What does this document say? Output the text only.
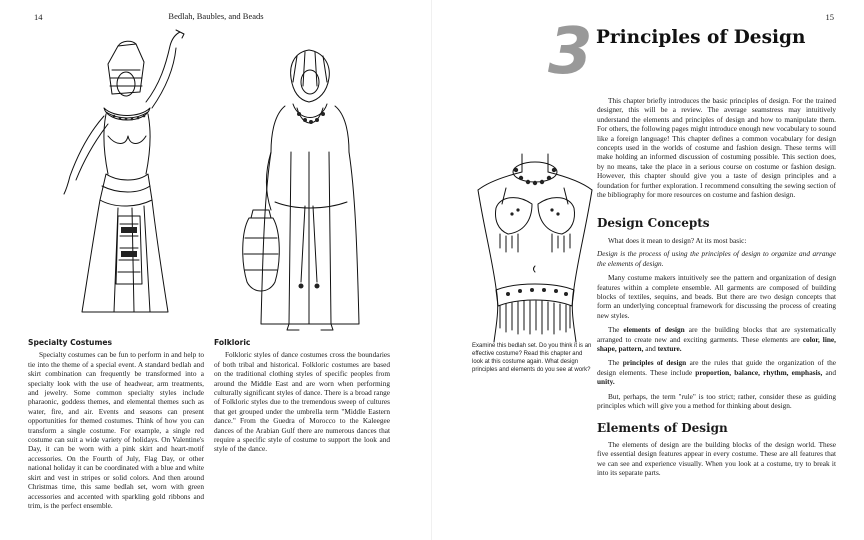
14	Bedlah, Baubles, and Beads
Specialty Costumes
Specialty costumes can be fun to perform in and help to tie into the theme of a special event. A standard bedlah and skirt combination can frequently be transformed into a specialty look with the use of headwear, arm treatments, and jewelry. Some common specialty styles include pharaonic, goddess themes, and elemental themes such as water, fire, and air. Events and seasons can present opportunities for themed costumes. Think of how you can transform a single costume. For example, a single red costume can suit a wide variety of holidays. On Valentine's Day, it can be worn with a pink skirt and heart-motif accessories. On the Fourth of July, Flag Day, or other national holiday it can be coordinated with a blue and white skirt and vest in stripes or solid colors. And then around Christmas time, this same bedlah set, worn with green accessories and accented with sparkling gold ribbons and trim, is the perfect ensemble.
Folkloric
Folkloric styles of dance costumes cross the boundaries of both tribal and historical. Folkloric costumes are based on the traditional clothing styles of specific peoples from around the Middle East and are worn when performing culturally significant styles of dance. There is a broad range of Folkloric styles due to the tremendous sweep of cultures that get grouped under the umbrella term "Middle Eastern dance." From the Guedra of Morocco to the Kaleegee dances of the Arabian Gulf there are numerous dances that require a specific style of costume to support the look and style of the dance.
15
3 Principles of Design

This chapter briefly introduces the basic principles of design. For the trained designer, this will be a review. The average seamstress may intuitively understand the elements and principles of design and how to manipulate them. For others, the following pages might introduce enough new vocabulary to sound like a foreign language! This chapter defines a common vocabulary for design concepts used in the worlds of costume and fashion design. These terms will make holding an informed discussion of costuming possible. This section does, by no means, take the place in a serious course on costume or fashion design. However, this chapter should give you a taste of design principles and a foundation for further exploration. I recommend consulting the sewing section of the bibliography for more resources on costume and fashion design.

Examine this bedlah set. Do you think it is an effective costume? Read this chapter and look at this costume again. What design principles and elements do you see at work?
Design Concepts

What does it mean to design? At its most basic:

Design is the process of using the principles of design to organize and arrange the elements of design.

Many costume makers intuitively see the pattern and organization of design features within a complete ensemble. All garments are composed of building blocks of textiles, sequins, and beads. But there are two design concepts that form an underlying conceptual framework for discussing the process of creating new styles.

The elements of design are the building blocks that are systematically arranged to create new and exciting garments. These elements are color, line, shape, pattern, and texture.

The principles of design are the rules that guide the organization of the design elements. These include proportion, balance, rhythm, emphasis, and unity.

But, perhaps, the term "rule" is too strict; rather, consider these as guiding principles which will give you a method for thinking about design.

Elements of Design

The elements of design are the building blocks of the design world. These five essential design features appear in every costume. These are all features that we can see and experience visually. When you look at a costume, try to break it into its separate parts.
